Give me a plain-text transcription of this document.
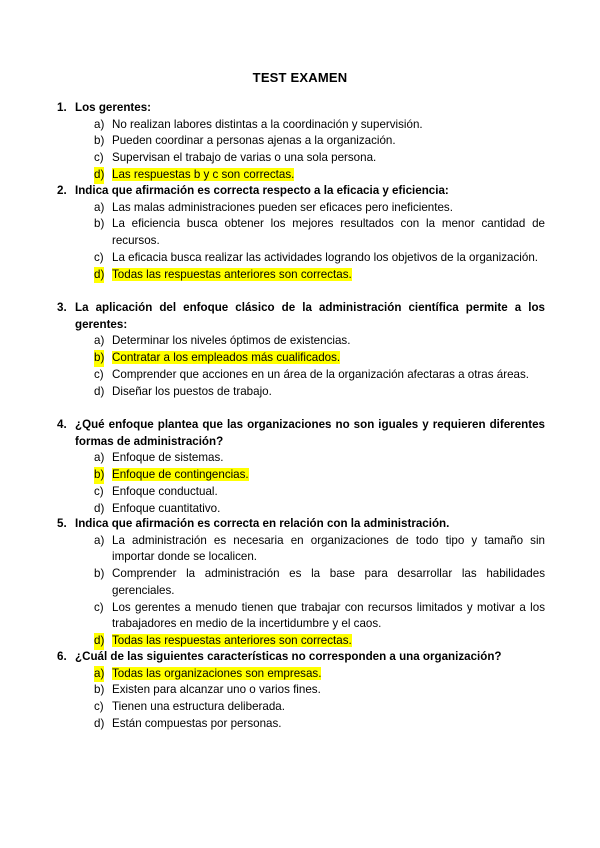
TEST EXAMEN
1. Los gerentes:
a) No realizan labores distintas a la coordinación y supervisión.
b) Pueden coordinar a personas ajenas a la organización.
c) Supervisan el trabajo de varias o una sola persona.
d) Las respuestas b y c son correctas.
2. Indica que afirmación es correcta respecto a la eficacia y eficiencia:
a) Las malas administraciones pueden ser eficaces pero ineficientes.
b) La eficiencia busca obtener los mejores resultados con la menor cantidad de recursos.
c) La eficacia busca realizar las actividades logrando los objetivos de la organización.
d) Todas las respuestas anteriores son correctas.
3. La aplicación del enfoque clásico de la administración científica permite a los gerentes:
a) Determinar los niveles óptimos de existencias.
b) Contratar a los empleados más cualificados.
c) Comprender que acciones en un área de la organización afectaras a otras áreas.
d) Diseñar los puestos de trabajo.
4. ¿Qué enfoque plantea que las organizaciones no son iguales y requieren diferentes formas de administración?
a) Enfoque de sistemas.
b) Enfoque de contingencias.
c) Enfoque conductual.
d) Enfoque cuantitativo.
5. Indica que afirmación es correcta en relación con la administración.
a) La administración es necesaria en organizaciones de todo tipo y tamaño sin importar donde se localicen.
b) Comprender la administración es la base para desarrollar las habilidades gerenciales.
c) Los gerentes a menudo tienen que trabajar con recursos limitados y motivar a los trabajadores en medio de la incertidumbre y el caos.
d) Todas las respuestas anteriores son correctas.
6. ¿Cuál de las siguientes características no corresponden a una organización?
a) Todas las organizaciones son empresas.
b) Existen para alcanzar uno o varios fines.
c) Tienen una estructura deliberada.
d) Están compuestas por personas.
